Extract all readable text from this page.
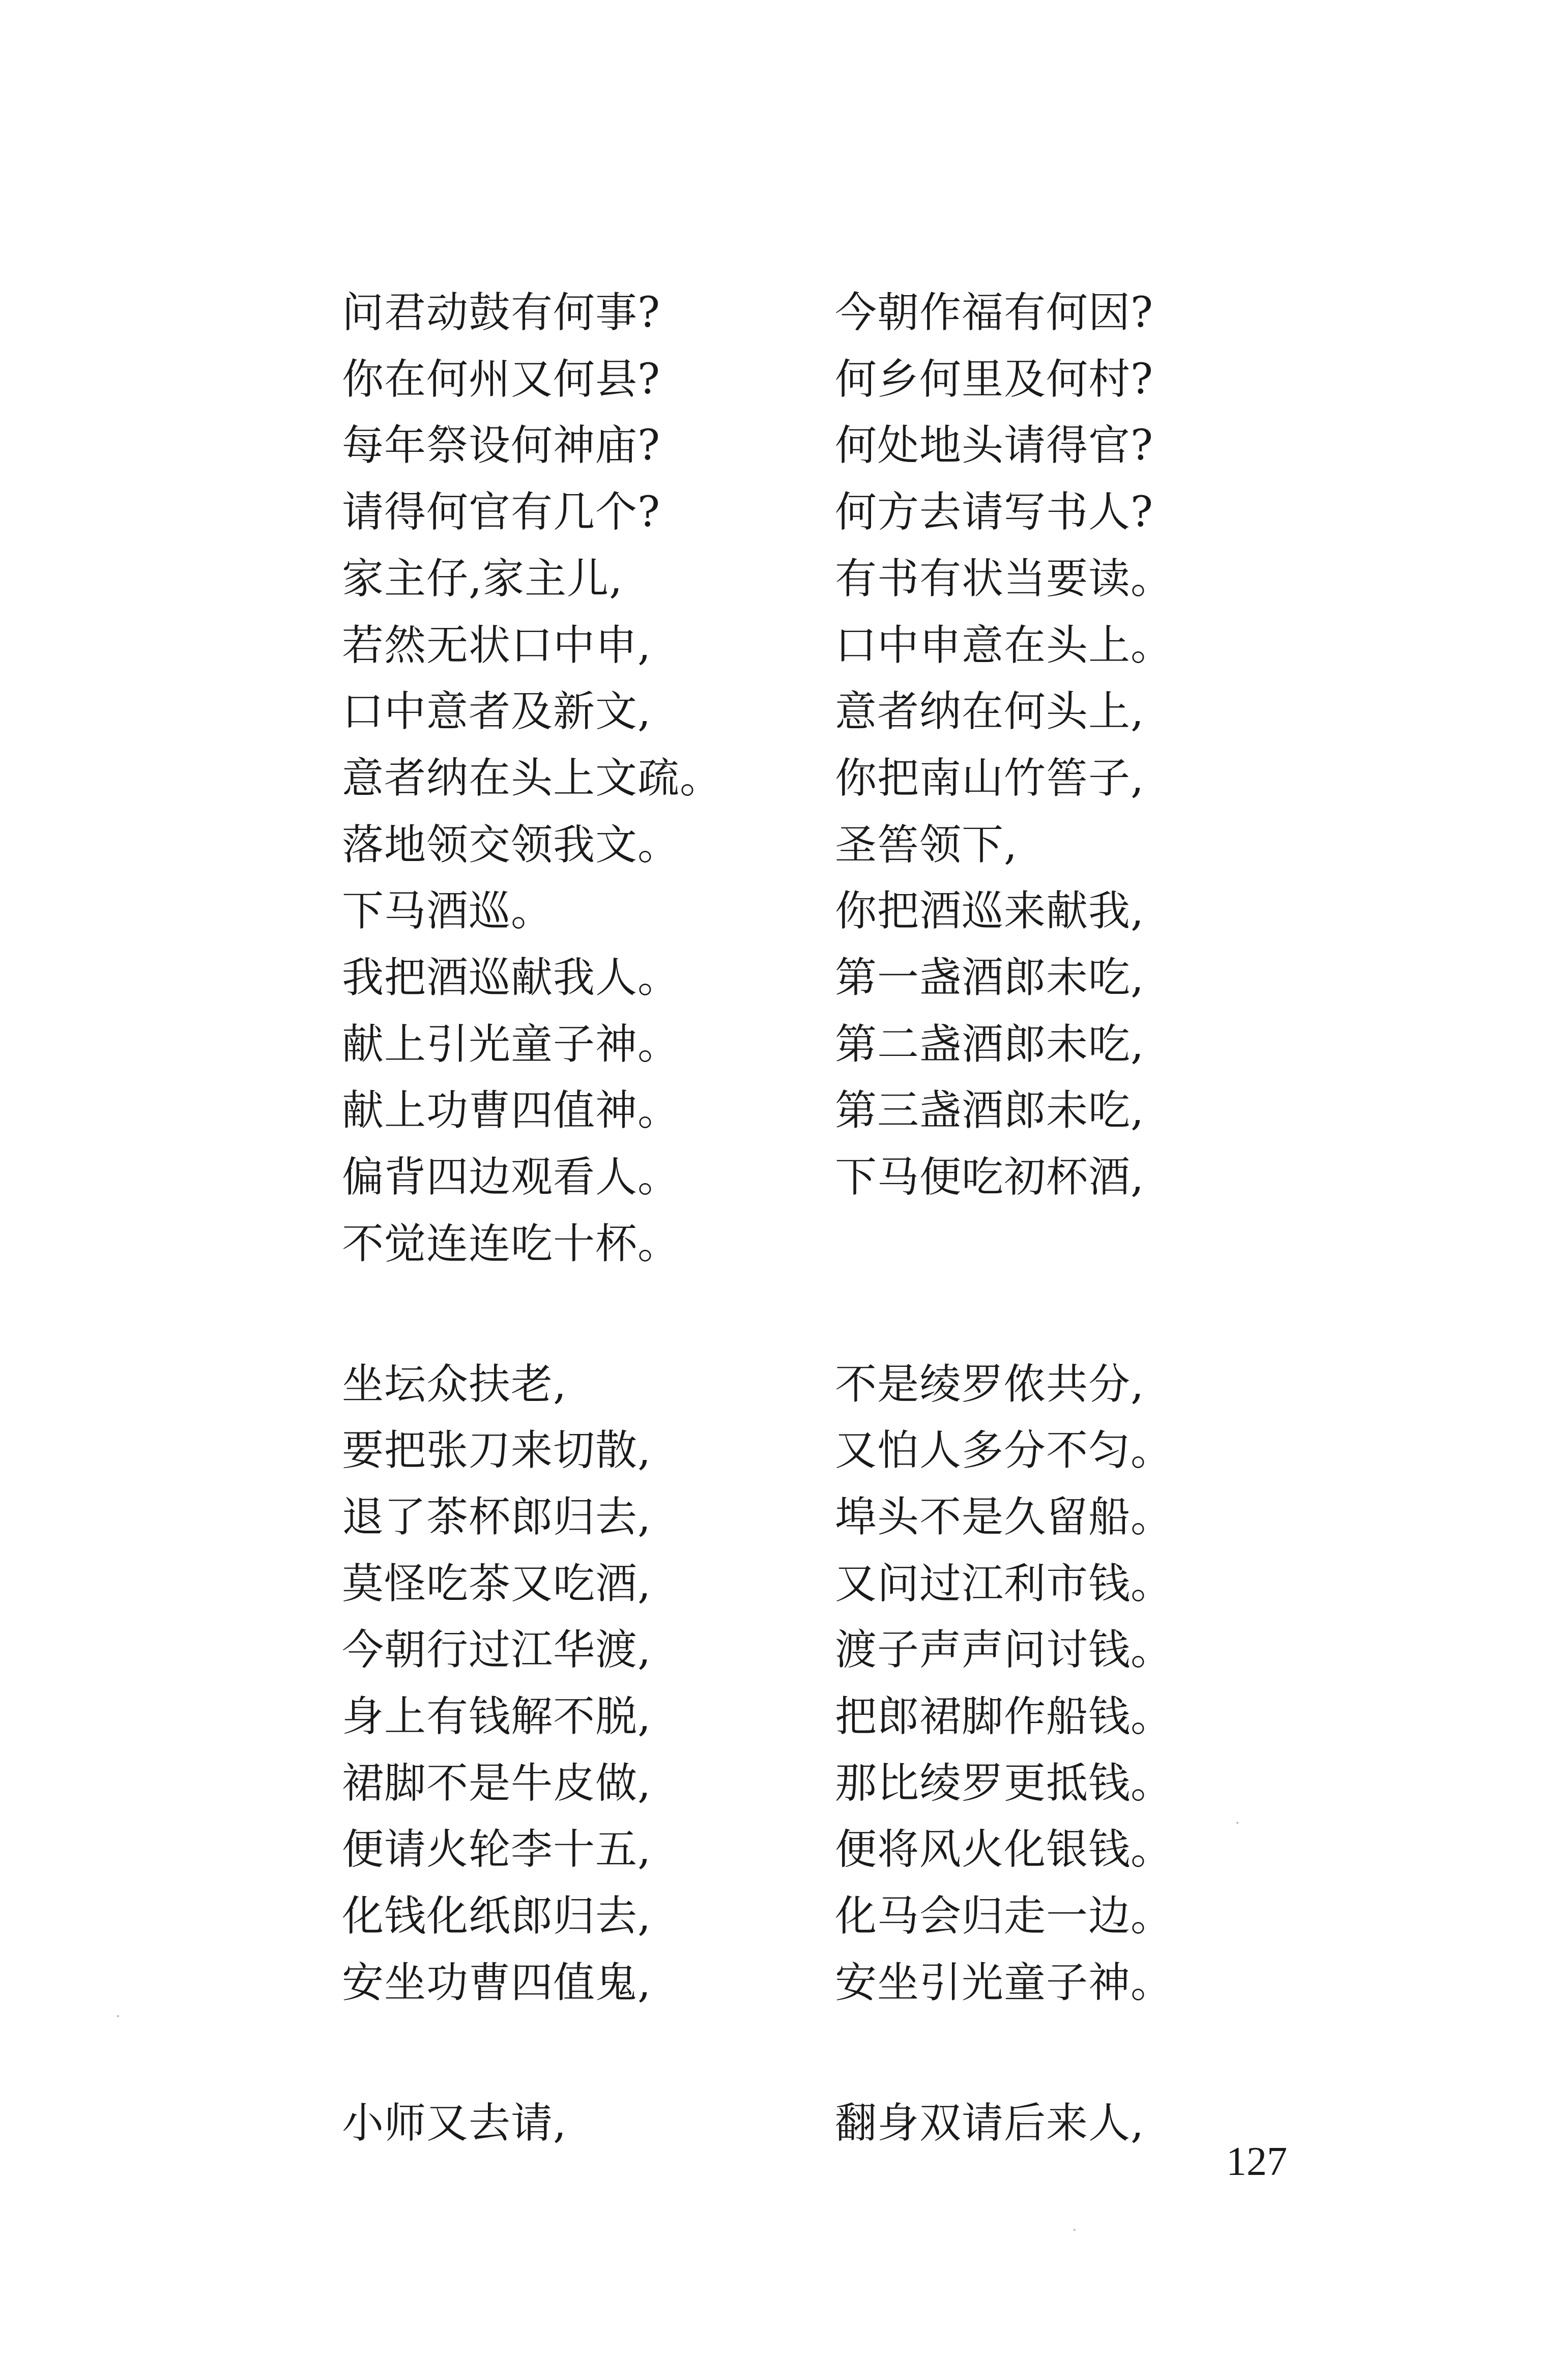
问君动鼓有何事?
你在何州又何县?
每年祭设何神庙?
请得何官有几个?
家主仔,家主儿,
若然无状口中申,
口中意者及新文,
意者纳在头上文疏。
落地领交领我文。
下马酒巡。
我把酒巡献我人。
献上引光童子神。
献上功曹四值神。
偏背四边观看人。
不觉连连吃十杯。
坐坛众扶老,
要把张刀来切散,
退了茶杯郎归去,
莫怪吃茶又吃酒,
今朝行过江华渡,
身上有钱解不脱,
裙脚不是牛皮做,
便请火轮李十五,
化钱化纸郎归去,
安坐功曹四值鬼,
小师又去请,
今朝作福有何因?
何乡何里及何村?
何处地头请得官?
何方去请写书人?
有书有状当要读。
口中申意在头上。
意者纳在何头上,
你把南山竹筶子,
圣筶领下,
你把酒巡来献我,
第一盏酒郎未吃,
第二盏酒郎未吃,
第三盏酒郎未吃,
下马便吃初杯酒,
不是绫罗侬共分,
又怕人多分不匀。
埠头不是久留船。
又问过江利市钱。
渡子声声问讨钱。
把郎裙脚作船钱。
那比绫罗更抵钱。
便将风火化银钱。
化马会归走一边。
安坐引光童子神。
翻身双请后来人,
127
